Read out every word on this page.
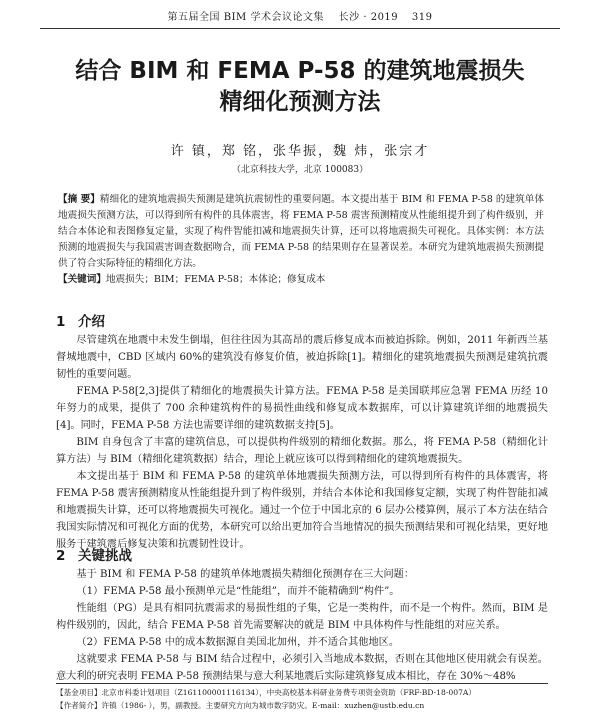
第五届全国 BIM 学术会议论文集 长沙 · 2019 319
结合 BIM 和 FEMA P-58 的建筑地震损失
精细化预测方法
许 镇，郑 铭，张华振，魏 炜，张宗才
（北京科技大学，北京 100083）
【摘 要】精细化的建筑地震损失预测是建筑抗震韧性的重要问题。本文提出基于 BIM 和 FEMA P-58 的建筑单体地震损失预测方法，可以得到所有构件的具体震害，将 FEMA P-58 震害预测精度从性能组提升到了构件级别，并结合本体论和表图修复定量，实现了构件智能扣减和地震损失计算，还可以将地震损失可视化。具体实例：本方法预测的地震损失与我国震害调查数据吻合，而 FEMA P-58 的结果则存在显著误差。本研究为建筑地震损失预测提供了符合实际特征的精细化方法。
【关键词】地震损失；BIM；FEMA P-58；本体论；修复成本
1 介绍

尽管建筑在地震中未发生倒塌，但往往因为其高昂的震后修复成本而被迫拆除。例如，2011 年新西兰基督城地震中，CBD 区域内 60%的建筑没有修复价值，被迫拆除[1]。精细化的建筑地震损失预测是建筑抗震韧性的重要问题。

FEMA P-58[2,3]提供了精细化的地震损失计算方法。FEMA P-58 是美国联邦应急署 FEMA 历经 10 年努力的成果，提供了 700 余种建筑构件的易损性曲线和修复成本数据库，可以计算建筑详细的地震损失[4]。同时，FEMA P-58 方法也需要详细的建筑数据支持[5]。

BIM 自身包含了丰富的建筑信息，可以提供构件级别的精细化数据。那么，将 FEMA P-58（精细化计算方法）与 BIM（精细化建筑数据）结合，理论上就应该可以得到精细化的建筑地震损失。

本文提出基于 BIM 和 FEMA P-58 的建筑单体地震损失预测方法，可以得到所有构件的具体震害，将 FEMA P-58 震害预测精度从性能组提升到了构件级别，并结合本体论和我国修复定额，实现了构件智能扣减和地震损失计算，还可以将地震损失可视化。通过一个位于中国北京的 6 层办公楼算例，展示了本方法在结合我国实际情况和可视化方面的优势，本研究可以给出更加符合当地情况的损失预测结果和可视化结果，更好地服务于建筑震后修复决策和抗震韧性设计。

2 关键挑战

基于 BIM 和 FEMA P-58 的建筑单体地震损失精细化预测存在三大问题：

（1）FEMA P-58 最小预测单元是“性能组”，而并不能精确到“构件”。

性能组（PG）是具有相同抗震需求的易损性组的子集，它是一类构件，而不是一个构件。然而，BIM 是构件级别的，因此，结合 FEMA P-58 首先需要解决的就是 BIM 中具体构件与性能组的对应关系。

（2）FEMA P-58 中的成本数据源自美国北加州，并不适合其他地区。

这就要求 FEMA P-58 与 BIM 结合过程中，必须引入当地成本数据，否则在其他地区使用就会有误差。意大利的研究表明 FEMA P-58 预测结果与意大利某地震后实际建筑修复成本相比，存在 30%～48%

【基金项目】北京市科委计划项目（Z161100001116134），中央高校基本科研业务费专项资金资助（FRF-BD-18-007A）
【作者简介】许镇（1986- ），男，副教授。主要研究方向为城市数字防灾。E-mail：xuzhen@ustb.edu.cn
